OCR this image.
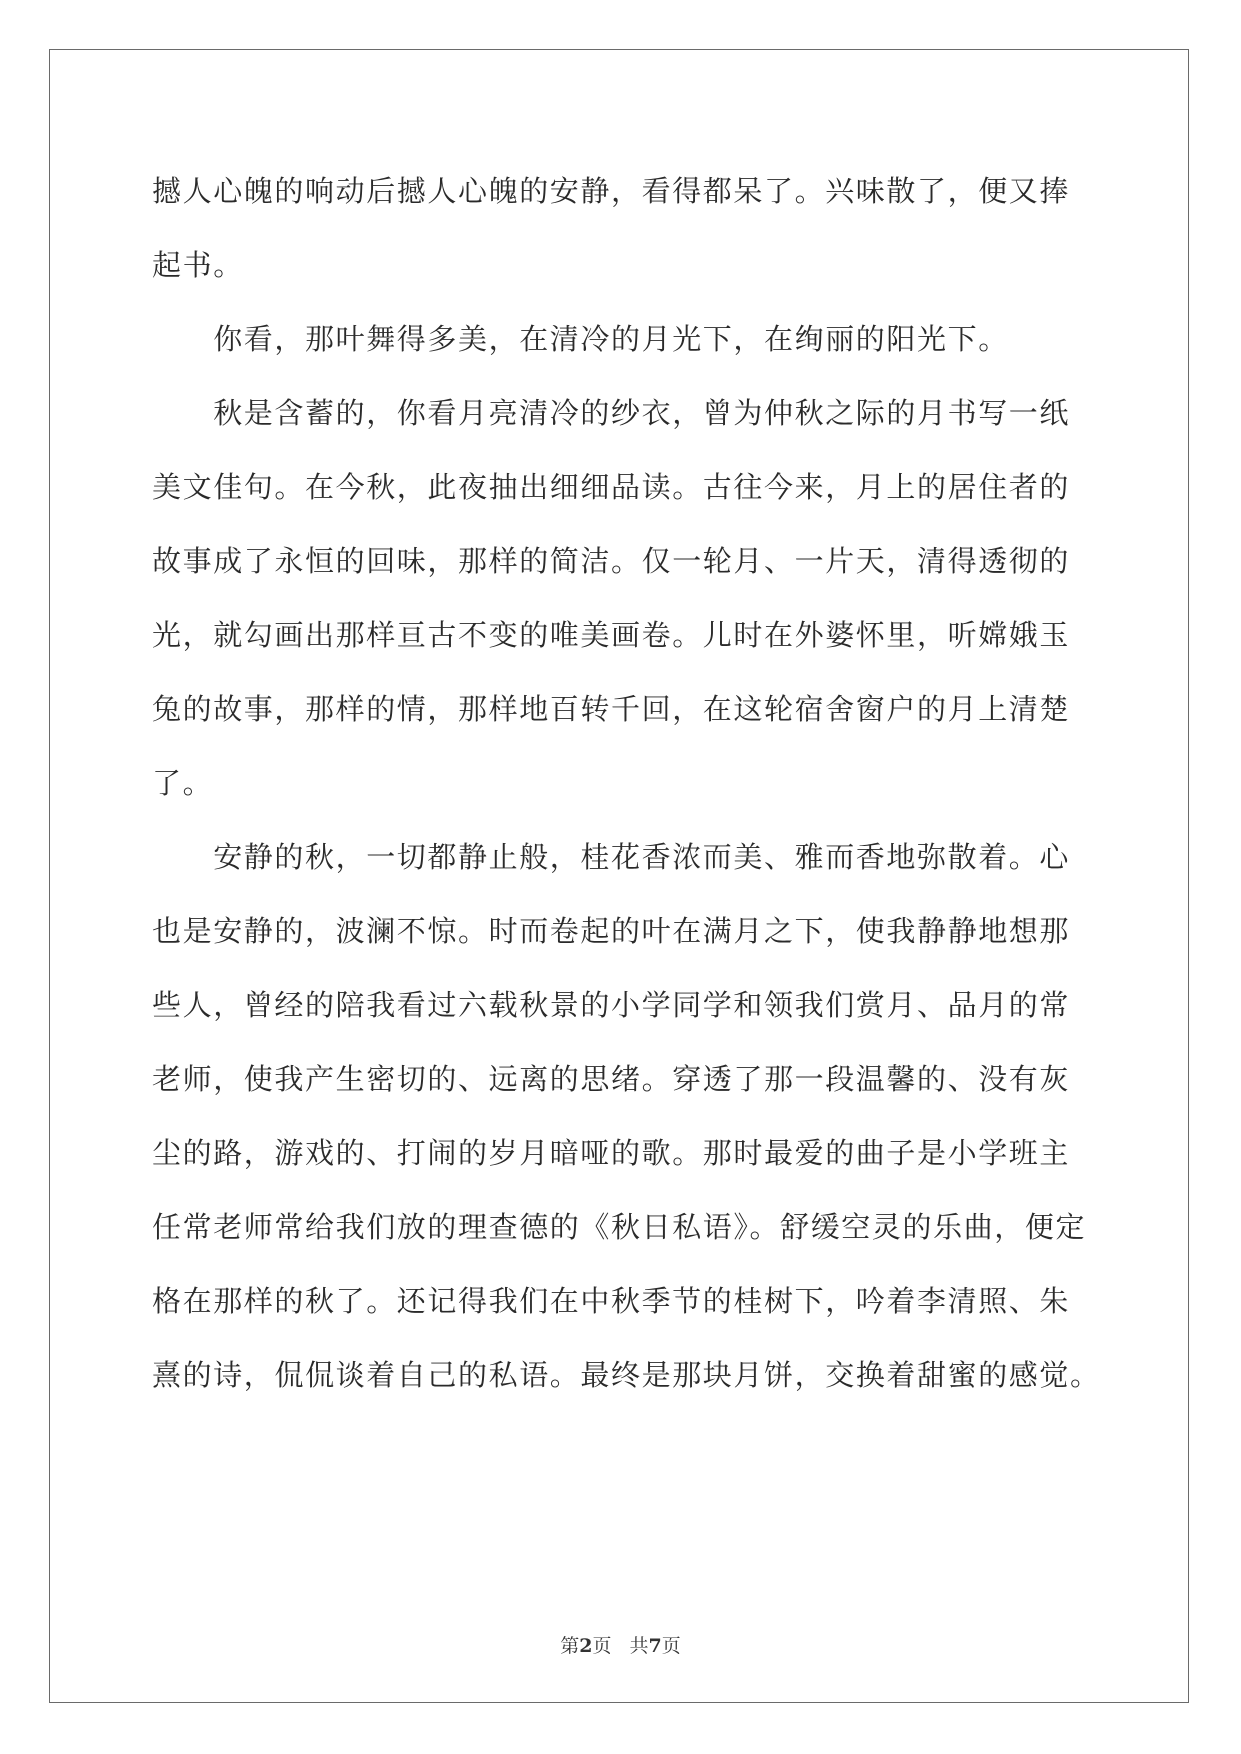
撼人心魄的响动后撼人心魄的安静，看得都呆了。兴味散了，便又捧
起书。
　　你看，那叶舞得多美，在清冷的月光下，在绚丽的阳光下。
　　秋是含蓄的，你看月亮清冷的纱衣，曾为仲秋之际的月书写一纸
美文佳句。在今秋，此夜抽出细细品读。古往今来，月上的居住者的
故事成了永恒的回味，那样的简洁。仅一轮月、一片天，清得透彻的
光，就勾画出那样亘古不变的唯美画卷。儿时在外婆怀里，听嫦娥玉
兔的故事，那样的情，那样地百转千回，在这轮宿舍窗户的月上清楚
了。
　　安静的秋，一切都静止般，桂花香浓而美、雅而香地弥散着。心
也是安静的，波澜不惊。时而卷起的叶在满月之下，使我静静地想那
些人，曾经的陪我看过六载秋景的小学同学和领我们赏月、品月的常
老师，使我产生密切的、远离的思绪。穿透了那一段温馨的、没有灰
尘的路，游戏的、打闹的岁月暗哑的歌。那时最爱的曲子是小学班主
任常老师常给我们放的理查德的《秋日私语》。舒缓空灵的乐曲，便定
格在那样的秋了。还记得我们在中秋季节的桂树下，吟着李清照、朱
熹的诗，侃侃谈着自己的私语。最终是那块月饼，交换着甜蜜的感觉。
第2页 共7页
